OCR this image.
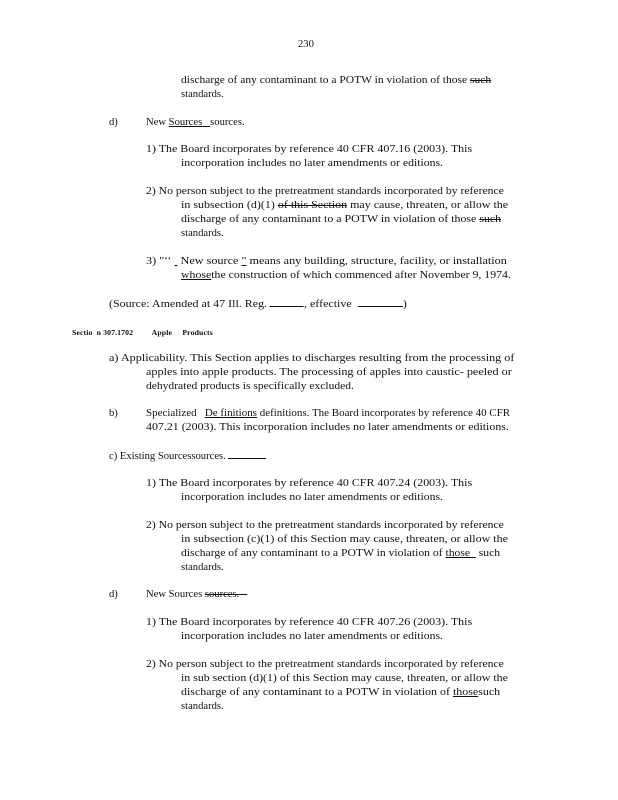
230
discharge of any contaminant to a POTW in violation of those such
standards.
d)	New Sources sources.
1) The Board incorporates by reference 40 CFR 407.16 (2003). This
incorporation includes no later amendments or editions.
2) No person subject to the pretreatment standards incorporated by reference
in subsection (d)(1) of this Section may cause, threaten, or allow the
discharge of any contaminant to a POTW in violation of those such
standards.
3) "‘‘ New source " means any building, structure, facility, or installation
whosethe construction of which commenced after November 9, 1974.
(Source: Amended at 47 Ill. Reg.	, effective	)
Sectio n 307.1702 Apple Products
a) Applicability. This Section applies to discharges resulting from the processing of
apples into apple products. The processing of apples into caustic- peeled or
dehydrated products is specifically excluded.
b)	Specialized De finitions definitions. The Board incorporates by reference 40 CFR
407.21 (2003). This incorporation includes no later amendments or editions.
c) Existing Sourcessources.
1) The Board incorporates by reference 40 CFR 407.24 (2003). This
incorporation includes no later amendments or editions.
2) No person subject to the pretreatment standards incorporated by reference
in subsection (c)(1) of this Section may cause, threaten, or allow the
discharge of any contaminant to a POTW in violation of those such
standards.
d)	New Sources sources.
1) The Board incorporates by reference 40 CFR 407.26 (2003). This
incorporation includes no later amendments or editions.
2) No person subject to the pretreatment standards incorporated by reference
in sub section (d)(1) of this Section may cause, threaten, or allow the
discharge of any contaminant to a POTW in violation of thosesuch
standards.
